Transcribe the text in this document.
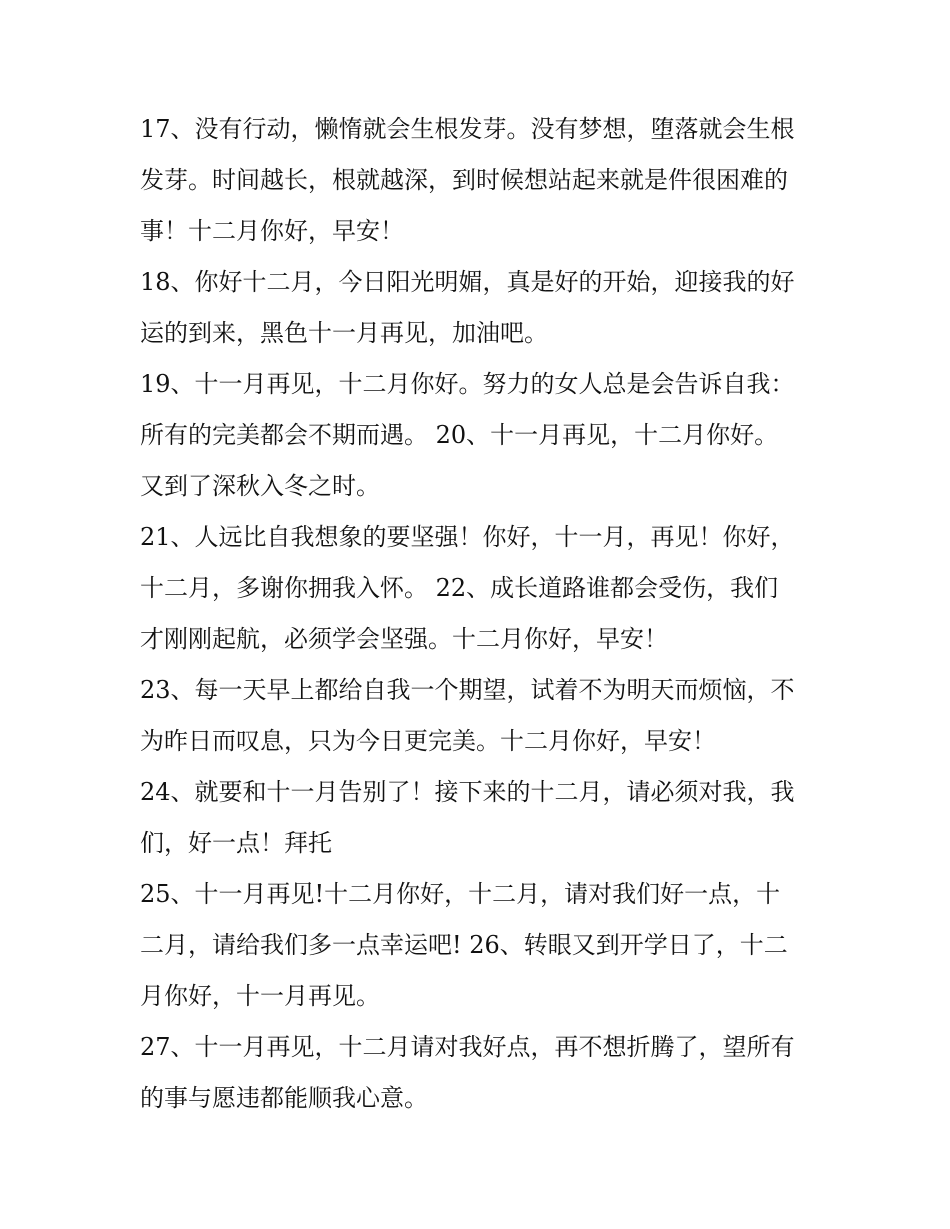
17、没有行动，懒惰就会生根发芽。没有梦想，堕落就会生根
发芽。时间越长，根就越深，到时候想站起来就是件很困难的
事！十二月你好，早安！
18、你好十二月，今日阳光明媚，真是好的开始，迎接我的好
运的到来，黑色十一月再见，加油吧。
19、十一月再见，十二月你好。努力的女人总是会告诉自我：
所有的完美都会不期而遇。 20、十一月再见，十二月你好。
又到了深秋入冬之时。
21、人远比自我想象的要坚强！你好，十一月，再见！你好，
十二月，多谢你拥我入怀。 22、成长道路谁都会受伤，我们
才刚刚起航，必须学会坚强。十二月你好，早安！
23、每一天早上都给自我一个期望，试着不为明天而烦恼，不
为昨日而叹息，只为今日更完美。十二月你好，早安！
24、就要和十一月告别了！接下来的十二月，请必须对我，我
们，好一点！拜托
25、十一月再见!十二月你好，十二月，请对我们好一点，十
二月，请给我们多一点幸运吧! 26、转眼又到开学日了，十二
月你好，十一月再见。
27、十一月再见，十二月请对我好点，再不想折腾了，望所有
的事与愿违都能顺我心意。
